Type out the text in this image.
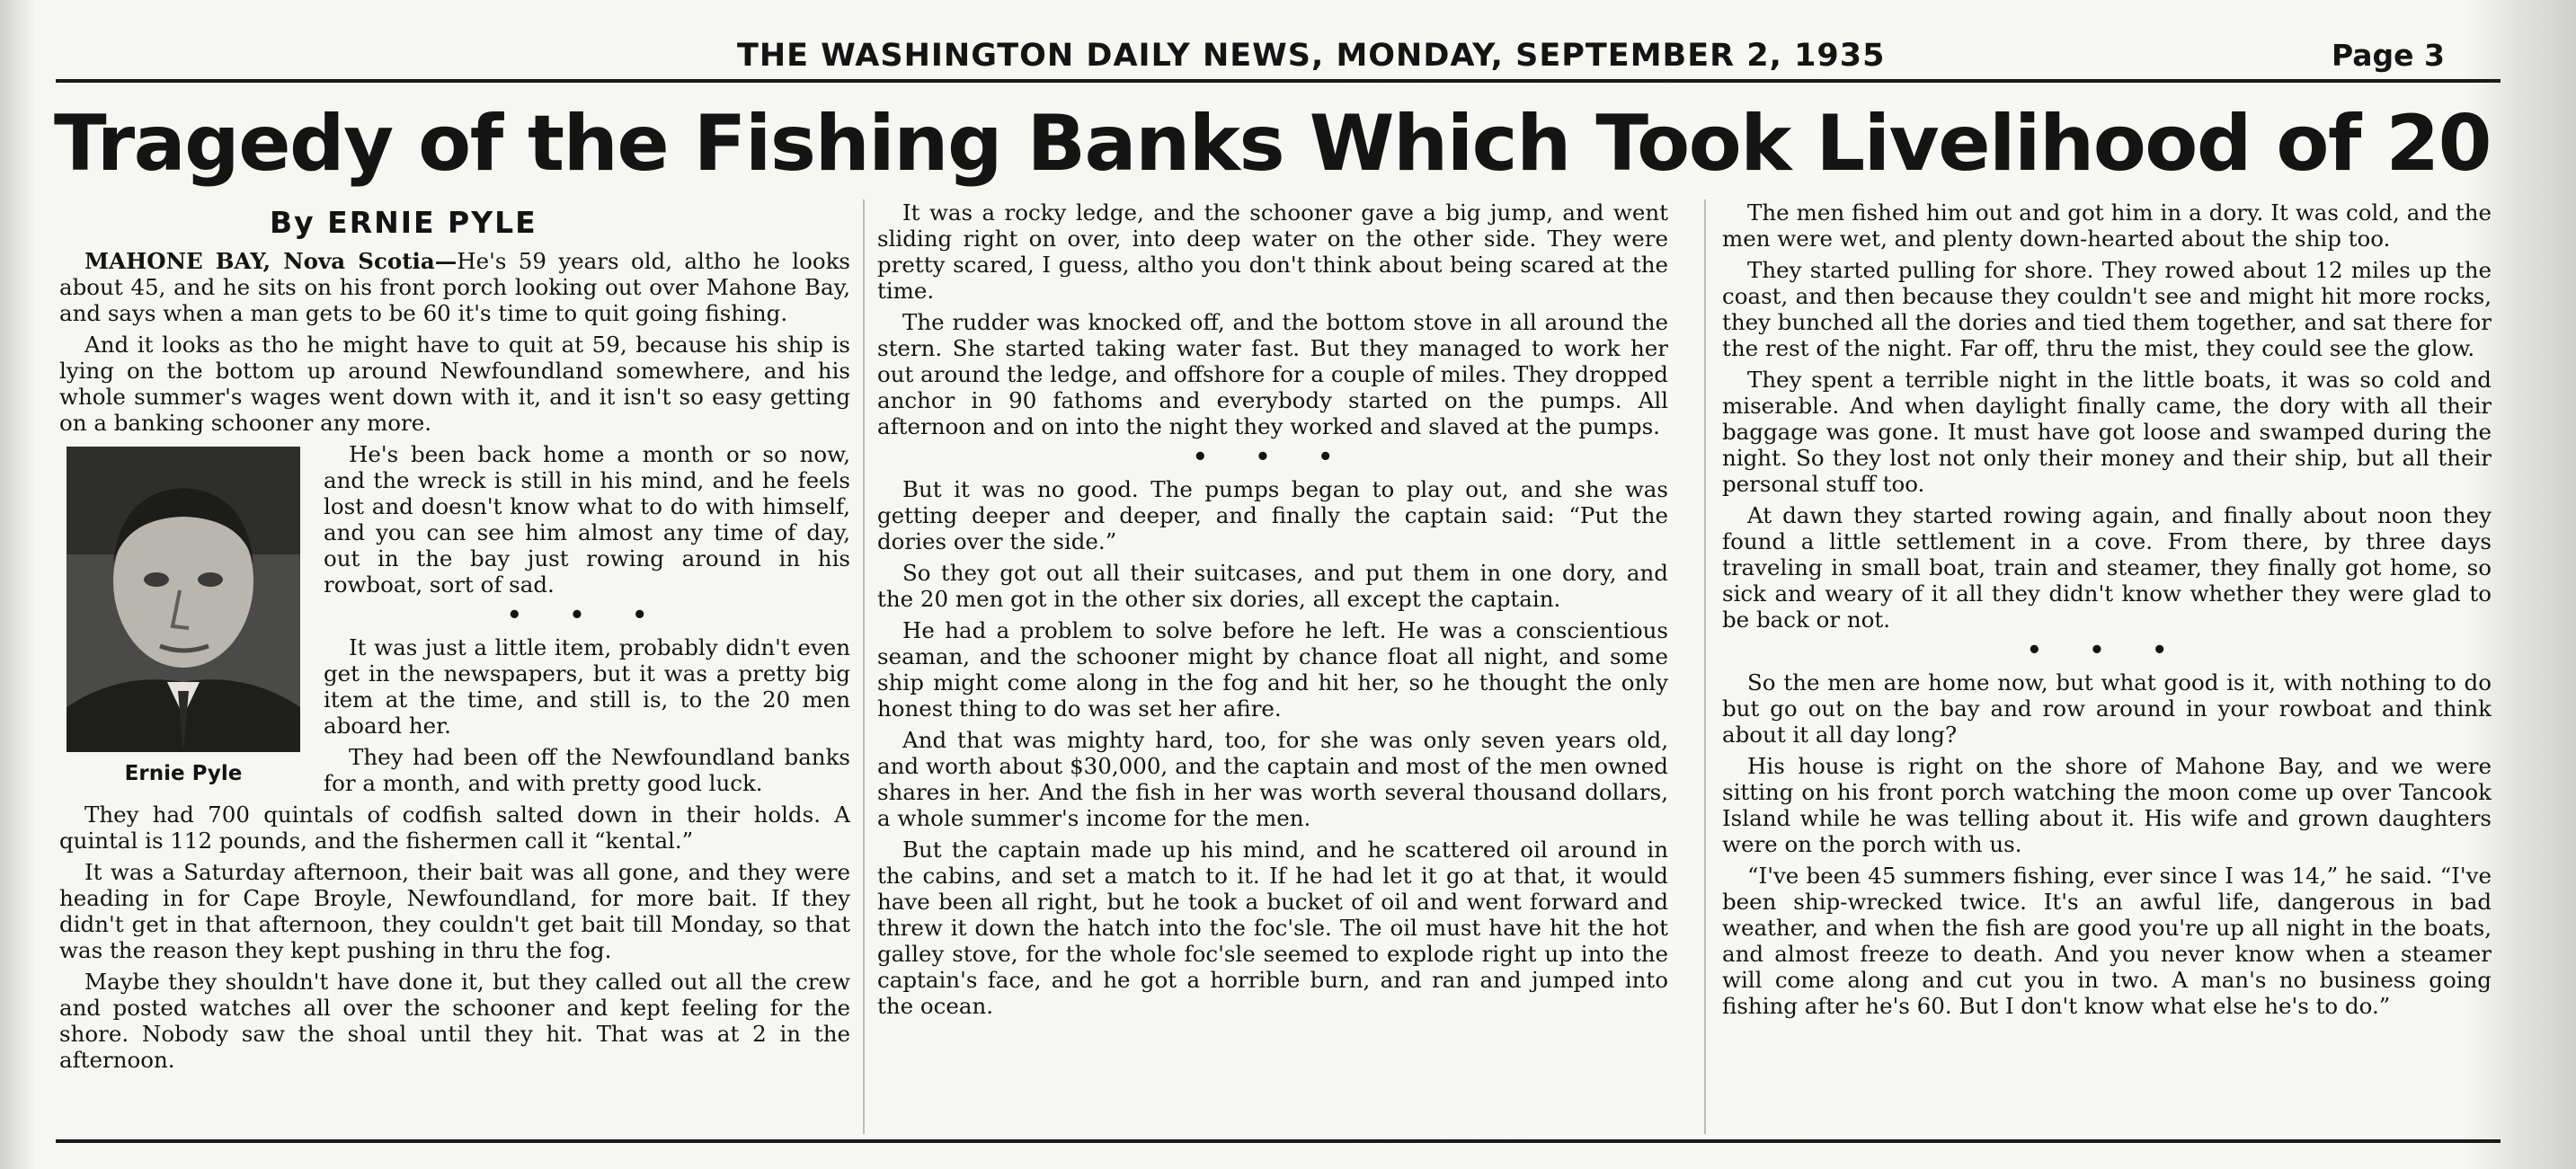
THE WASHINGTON DAILY NEWS, MONDAY, SEPTEMBER 2, 1935	Page 3
Tragedy of the Fishing Banks Which Took Livelihood of 20
By ERNIE PYLE

MAHONE BAY, Nova Scotia—He's 59 years old, altho he looks about 45, and he sits on his front porch looking out over Mahone Bay, and says when a man gets to be 60 it's time to quit going fishing.

And it looks as tho he might have to quit at 59, because his ship is lying on the bottom up around Newfoundland somewhere, and his whole summer's wages went down with it, and it isn't so easy getting on a banking schooner any more.

Ernie Pyle

He's been back home a month or so now, and the wreck is still in his mind, and he feels lost and doesn't know what to do with himself, and you can see him almost any time of day, out in the bay just rowing around in his rowboat, sort of sad.

• • •

It was just a little item, probably didn't even get in the newspapers, but it was a pretty big item at the time, and still is, to the 20 men aboard her.

They had been off the Newfoundland banks for a month, and with pretty good luck.

They had 700 quintals of codfish salted down in their holds. A quintal is 112 pounds, and the fishermen call it “kental.”

It was a Saturday afternoon, their bait was all gone, and they were heading in for Cape Broyle, Newfoundland, for more bait. If they didn't get in that afternoon, they couldn't get bait till Monday, so that was the reason they kept pushing in thru the fog.

Maybe they shouldn't have done it, but they called out all the crew and posted watches all over the schooner and kept feeling for the shore. Nobody saw the shoal until they hit. That was at 2 in the afternoon.

It was a rocky ledge, and the schooner gave a big jump, and went sliding right on over, into deep water on the other side. They were pretty scared, I guess, altho you don't think about being scared at the time.

The rudder was knocked off, and the bottom stove in all around the stern. She started taking water fast. But they managed to work her out around the ledge, and offshore for a couple of miles. They dropped anchor in 90 fathoms and everybody started on the pumps. All afternoon and on into the night they worked and slaved at the pumps.

• • •

But it was no good. The pumps began to play out, and she was getting deeper and deeper, and finally the captain said: “Put the dories over the side.”

So they got out all their suitcases, and put them in one dory, and the 20 men got in the other six dories, all except the captain.

He had a problem to solve before he left. He was a conscientious seaman, and the schooner might by chance float all night, and some ship might come along in the fog and hit her, so he thought the only honest thing to do was set her afire.

And that was mighty hard, too, for she was only seven years old, and worth about $30,000, and the captain and most of the men owned shares in her. And the fish in her was worth several thousand dollars, a whole summer's income for the men.

But the captain made up his mind, and he scattered oil around in the cabins, and set a match to it. If he had let it go at that, it would have been all right, but he took a bucket of oil and went forward and threw it down the hatch into the foc'sle. The oil must have hit the hot galley stove, for the whole foc'sle seemed to explode right up into the captain's face, and he got a horrible burn, and ran and jumped into the ocean.

The men fished him out and got him in a dory. It was cold, and the men were wet, and plenty down-hearted about the ship too.

They started pulling for shore. They rowed about 12 miles up the coast, and then because they couldn't see and might hit more rocks, they bunched all the dories and tied them together, and sat there for the rest of the night. Far off, thru the mist, they could see the glow.

They spent a terrible night in the little boats, it was so cold and miserable. And when daylight finally came, the dory with all their baggage was gone. It must have got loose and swamped during the night. So they lost not only their money and their ship, but all their personal stuff too.

At dawn they started rowing again, and finally about noon they found a little settlement in a cove. From there, by three days traveling in small boat, train and steamer, they finally got home, so sick and weary of it all they didn't know whether they were glad to be back or not.

• • •

So the men are home now, but what good is it, with nothing to do but go out on the bay and row around in your rowboat and think about it all day long?

His house is right on the shore of Mahone Bay, and we were sitting on his front porch watching the moon come up over Tancook Island while he was telling about it. His wife and grown daughters were on the porch with us.

“I've been 45 summers fishing, ever since I was 14,” he said. “I've been ship-wrecked twice. It's an awful life, dangerous in bad weather, and when the fish are good you're up all night in the boats, and almost freeze to death. And you never know when a steamer will come along and cut you in two. A man's no business going fishing after he's 60. But I don't know what else he's to do.”
